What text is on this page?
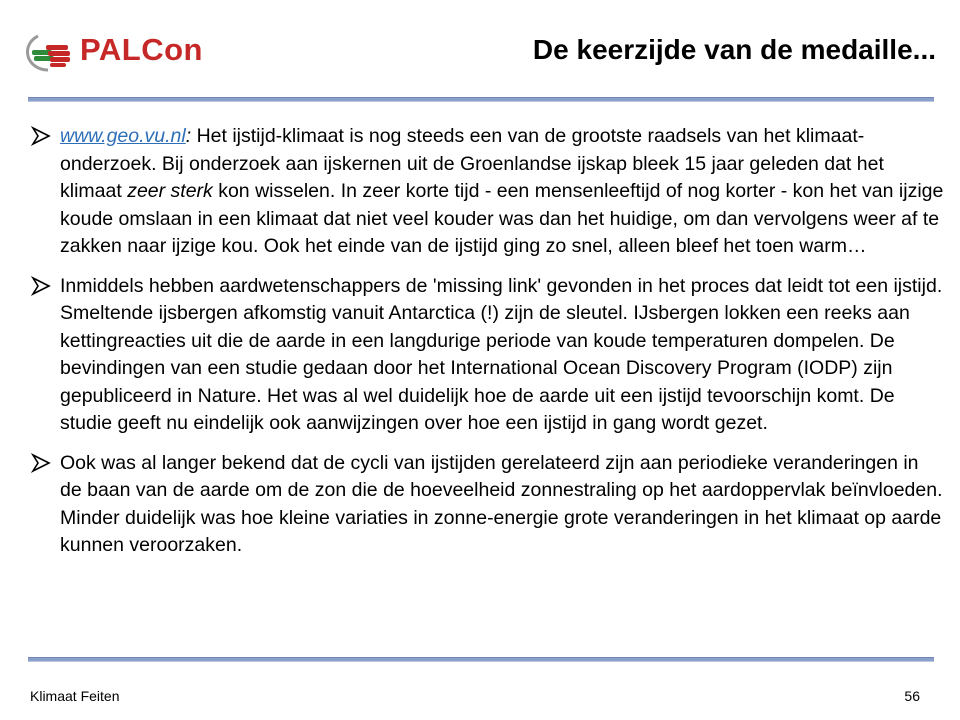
PALCon	De keerzijde van de medaille...
www.geo.vu.nl: Het ijstijd-klimaat is nog steeds een van de grootste raadsels van het klimaat-onderzoek. Bij onderzoek aan ijskernen uit de Groenlandse ijskap bleek 15 jaar geleden dat het klimaat zeer sterk kon wisselen. In zeer korte tijd - een mensenleeftijd of nog korter - kon het van ijzige koude omslaan in een klimaat dat niet veel kouder was dan het huidige, om dan vervolgens weer af te zakken naar ijzige kou. Ook het einde van de ijstijd ging zo snel, alleen bleef het toen warm…
Inmiddels hebben aardwetenschappers de 'missing link' gevonden in het proces dat leidt tot een ijstijd. Smeltende ijsbergen afkomstig vanuit Antarctica (!) zijn de sleutel. IJsbergen lokken een reeks aan kettingreacties uit die de aarde in een langdurige periode van koude temperaturen dompelen. De bevindingen van een studie gedaan door het International Ocean Discovery Program (IODP) zijn gepubliceerd in Nature. Het was al wel duidelijk hoe de aarde uit een ijstijd tevoorschijn komt. De studie geeft nu eindelijk ook aanwijzingen over hoe een ijstijd in gang wordt gezet.
Ook was al langer bekend dat de cycli van ijstijden gerelateerd zijn aan periodieke veranderingen in de baan van de aarde om de zon die de hoeveelheid zonnestraling op het aardoppervlak beïnvloeden. Minder duidelijk was hoe kleine variaties in zonne-energie grote veranderingen in het klimaat op aarde kunnen veroorzaken.
Klimaat Feiten	56
